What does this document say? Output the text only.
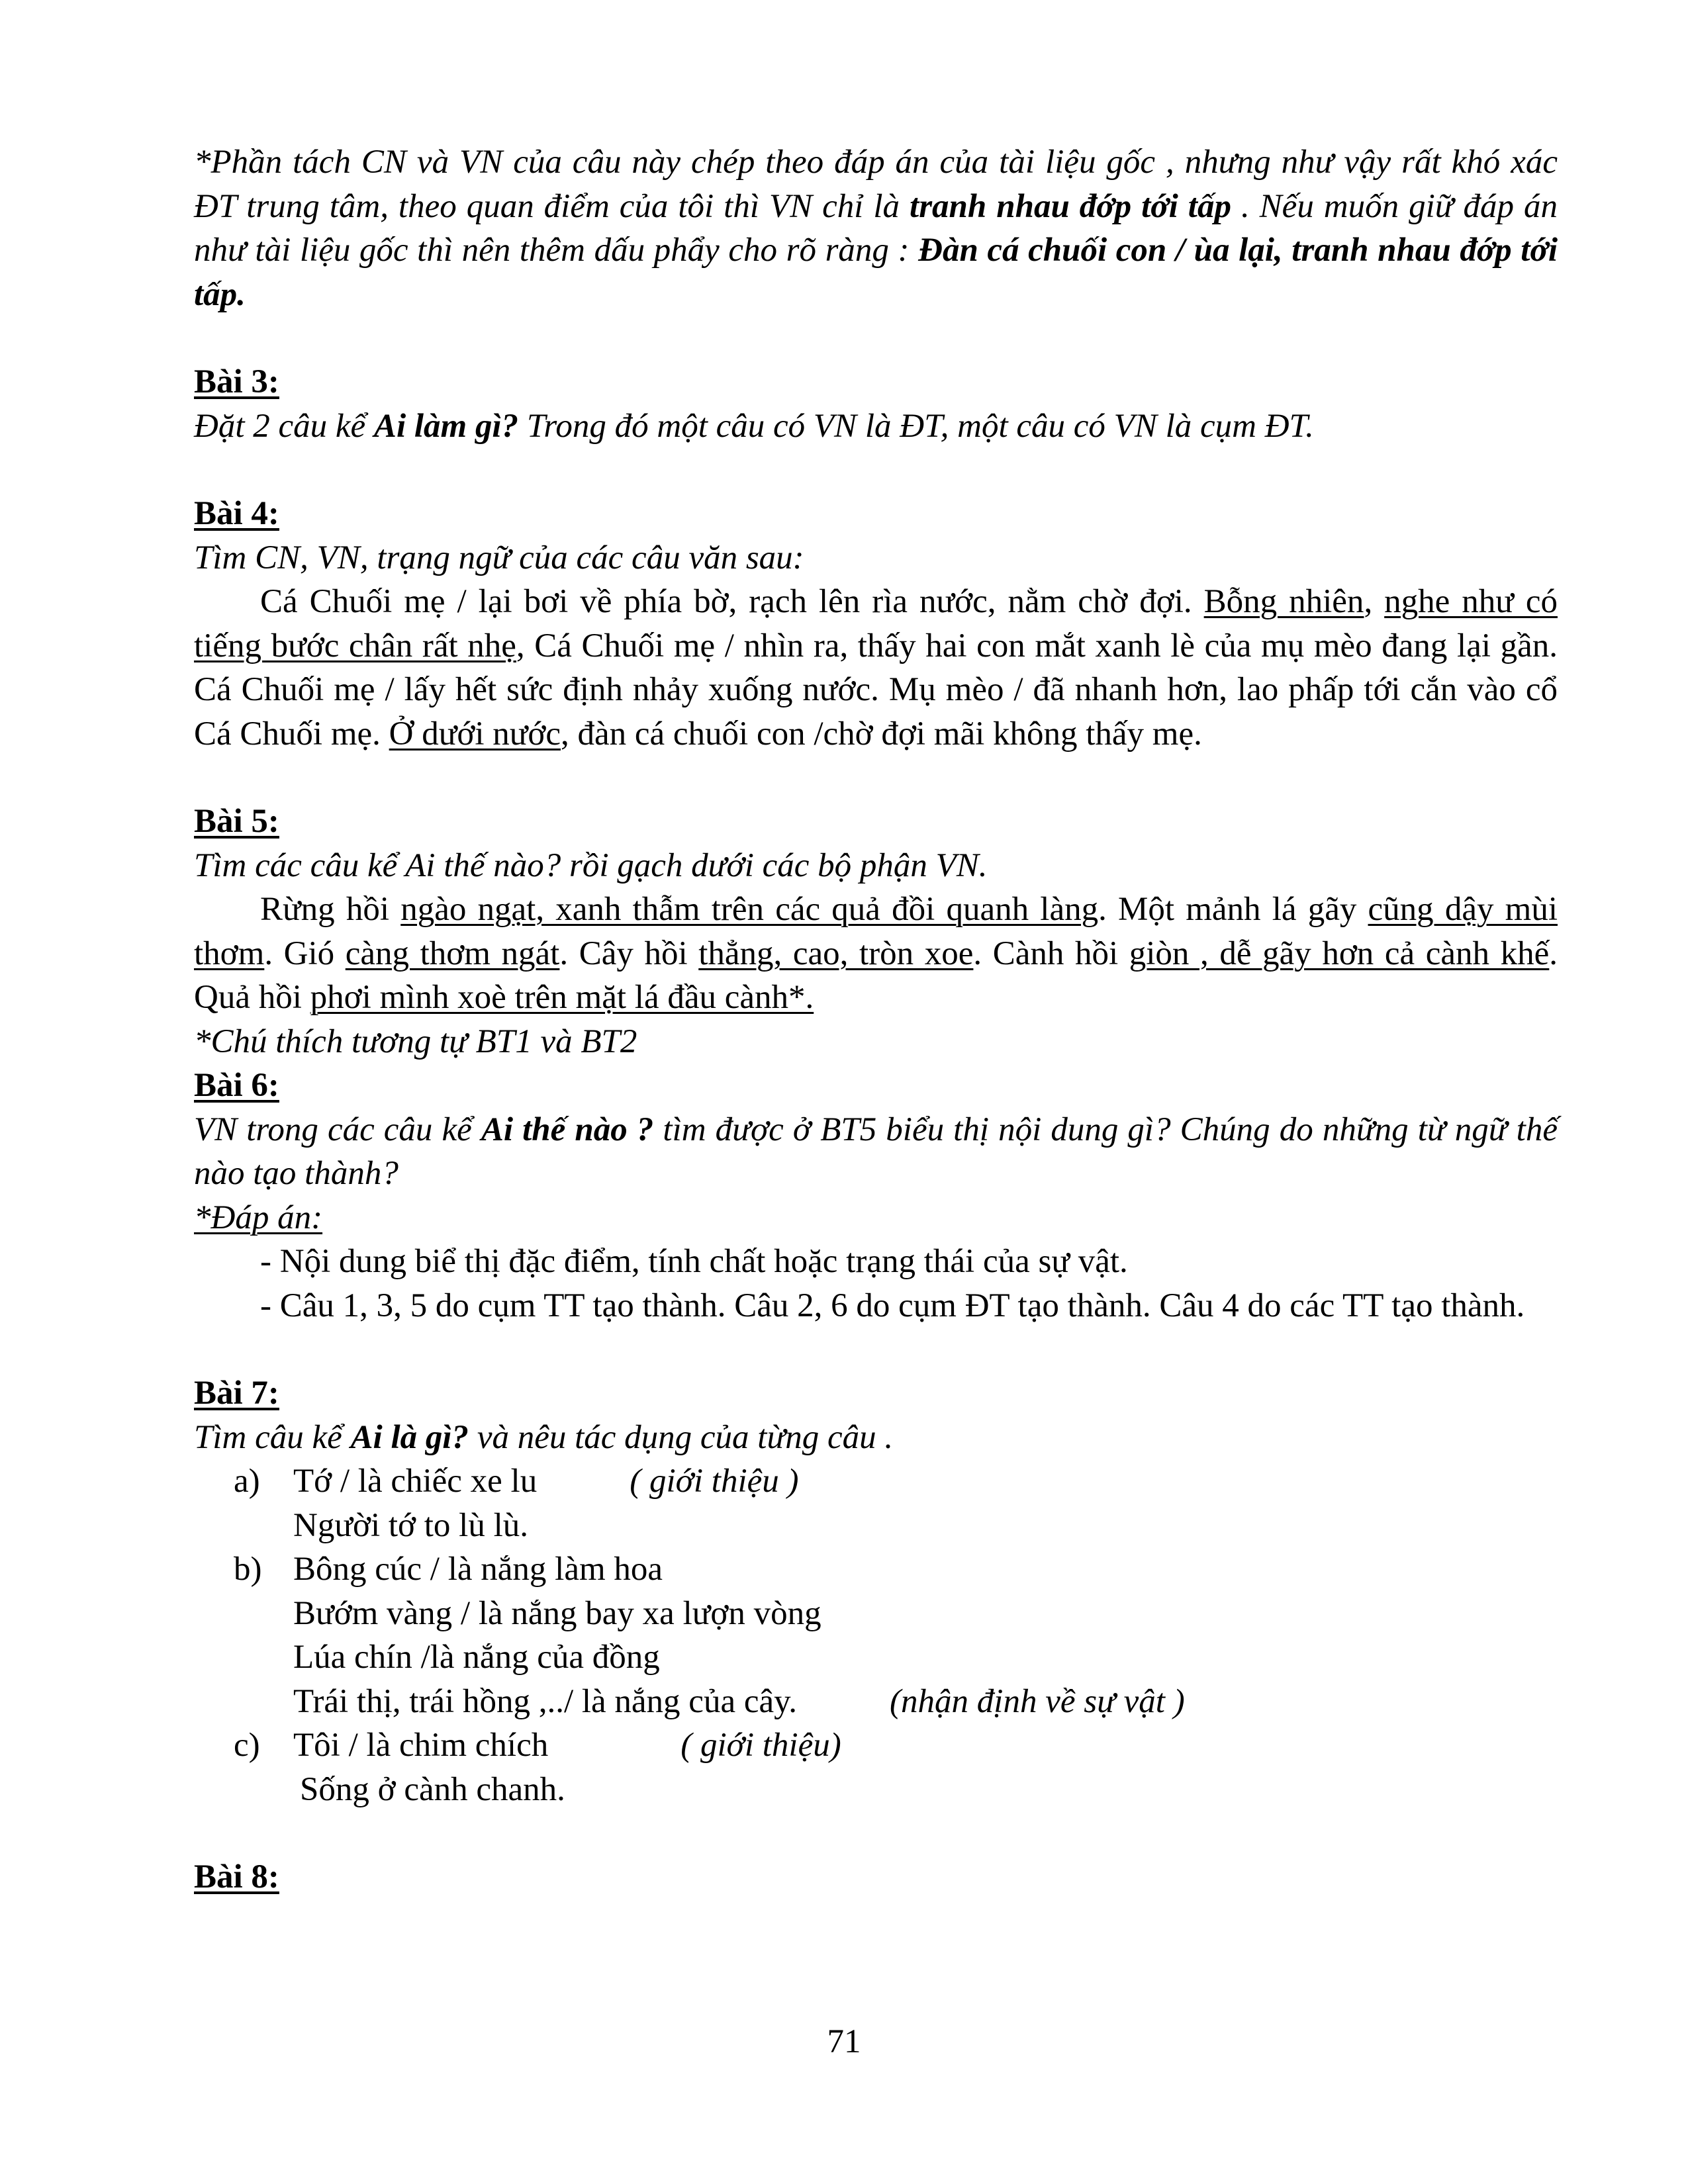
*Phần tách CN và VN của câu này chép theo đáp án của tài liệu gốc , nhưng như vậy rất khó xác ĐT trung tâm, theo quan điểm của tôi thì VN chỉ là tranh nhau đớp tới tấp . Nếu muốn giữ đáp án như tài liệu gốc thì nên thêm dấu phẩy cho rõ ràng : Đàn cá chuối con / ùa lại, tranh nhau đớp tới tấp.

Bài 3:

Đặt 2 câu kể Ai làm gì? Trong đó một câu có VN là ĐT, một câu có VN là cụm ĐT.

Bài 4:

Tìm CN, VN, trạng ngữ của các câu văn sau:

Cá Chuối mẹ / lại bơi về phía bờ, rạch lên rìa nước, nằm chờ đợi. Bỗng nhiên, nghe như có tiếng bước chân rất nhẹ, Cá Chuối mẹ / nhìn ra, thấy hai con mắt xanh lè của mụ mèo đang lại gần. Cá Chuối mẹ / lấy hết sức định nhảy xuống nước. Mụ mèo / đã nhanh hơn, lao phấp tới cắn vào cổ Cá Chuối mẹ. Ở dưới nước, đàn cá chuối con /chờ đợi mãi không thấy mẹ.

Bài 5:

Tìm các câu kể Ai thế nào? rồi gạch dưới các bộ phận VN.

Rừng hồi ngào ngạt, xanh thẫm trên các quả đồi quanh làng. Một mảnh lá gãy cũng dậy mùi thơm. Gió càng thơm ngát. Cây hồi thẳng, cao, tròn xoe. Cành hồi giòn , dễ gãy hơn cả cành khế. Quả hồi phơi mình xoè trên mặt lá đầu cành*.

*Chú thích tương tự BT1 và BT2

Bài 6:

VN trong các câu kể Ai thế nào ? tìm được ở BT5 biểu thị nội dung gì? Chúng do những từ ngữ thế nào tạo thành?

*Đáp án:

- Nội dung biể thị đặc điểm, tính chất hoặc trạng thái của sự vật.

- Câu 1, 3, 5 do cụm TT tạo thành. Câu 2, 6 do cụm ĐT tạo thành. Câu 4 do các TT tạo thành.

Bài 7:

Tìm câu kể Ai là gì? và nêu tác dụng của từng câu .

a) Tớ / là chiếc xe lu	( giới thiệu )

Người tớ to lù lù.

b) Bông cúc / là nắng làm hoa

Bướm vàng / là nắng bay xa lượn vòng

Lúa chín /là nắng của đồng

Trái thị, trái hồng ,../ là nắng của cây.	(nhận định về sự vật )

c) Tôi / là chim chích	( giới thiệu)

Sống ở cành chanh.

Bài 8:

71
